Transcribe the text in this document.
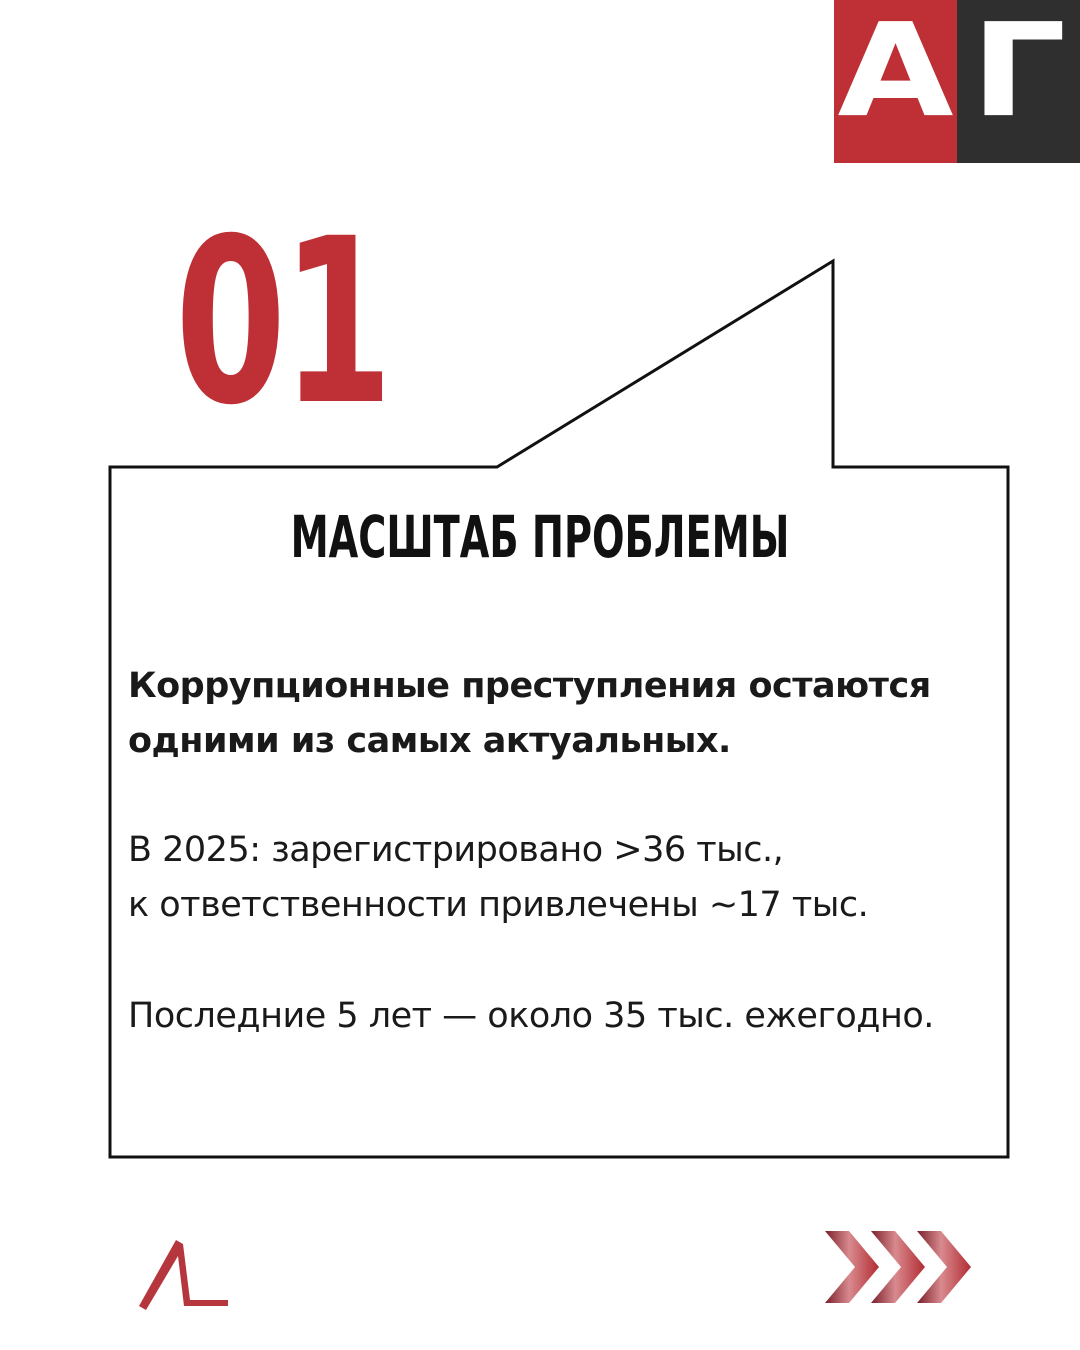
А Г
01
МАСШТАБ ПРОБЛЕМЫ
Коррупционные преступления остаются
одними из самых актуальных.
В 2025: зарегистрировано >36 тыс.,
к ответственности привлечены ~17 тыс.
Последние 5 лет — около 35 тыс. ежегодно.
